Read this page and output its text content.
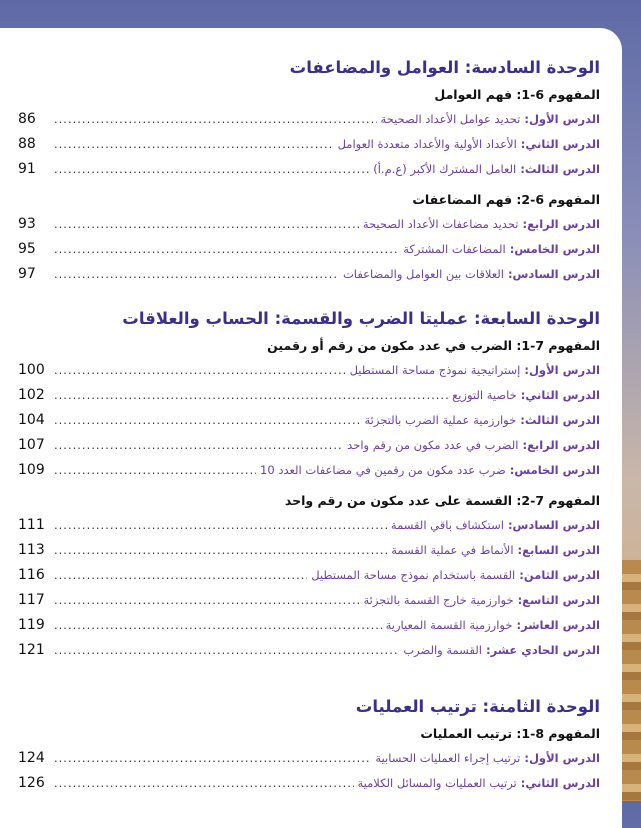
الوحدة السادسة: العوامل والمضاعفات
المفهوم 6-1: فهم العوامل
الدرس الأول:
تحديد عوامل الأعداد الصحيحة
.....
86
الدرس الثاني:
الأعداد الأولية والأعداد متعددة العوامل
.....
88
الدرس الثالث:
العامل المشترك الأكبر (ع.م.أ)
.....
91
المفهوم 6-2: فهم المضاعفات
الدرس الرابع:
تحديد مضاعفات الأعداد الصحيحة
.....
93
الدرس الخامس:
المضاعفات المشتركة
.....
95
الدرس السادس:
العلاقات بين العوامل والمضاعفات
.....
97
الوحدة السابعة: عمليتا الضرب والقسمة: الحساب والعلاقات
المفهوم 7-1: الضرب في عدد مكون من رقم أو رقمين
الدرس الأول:
إستراتيجية نموذج مساحة المستطيل
.....
100
الدرس الثاني:
خاصية التوزيع
.....
102
الدرس الثالث:
خوارزمية عملية الضرب بالتجزئة
.....
104
الدرس الرابع:
الضرب في عدد مكون من رقم واحد
.....
107
الدرس الخامس:
ضرب عدد مكون من رقمين في مضاعفات العدد 10
.....
109
المفهوم 7-2: القسمة على عدد مكون من رقم واحد
الدرس السادس:
استكشاف باقي القسمة
.....
111
الدرس السابع:
الأنماط في عملية القسمة
.....
113
الدرس الثامن:
القسمة باستخدام نموذج مساحة المستطيل
.....
116
الدرس التاسع:
خوارزمية خارج القسمة بالتجزئة
.....
117
الدرس العاشر:
خوارزمية القسمة المعيارية
.....
119
الدرس الحادي عشر:
القسمة والضرب
.....
121
الوحدة الثامنة: ترتيب العمليات
المفهوم 8-1: ترتيب العمليات
الدرس الأول:
ترتيب إجراء العمليات الحسابية
.....
124
الدرس الثاني:
ترتيب العمليات والمسائل الكلامية
.....
126
